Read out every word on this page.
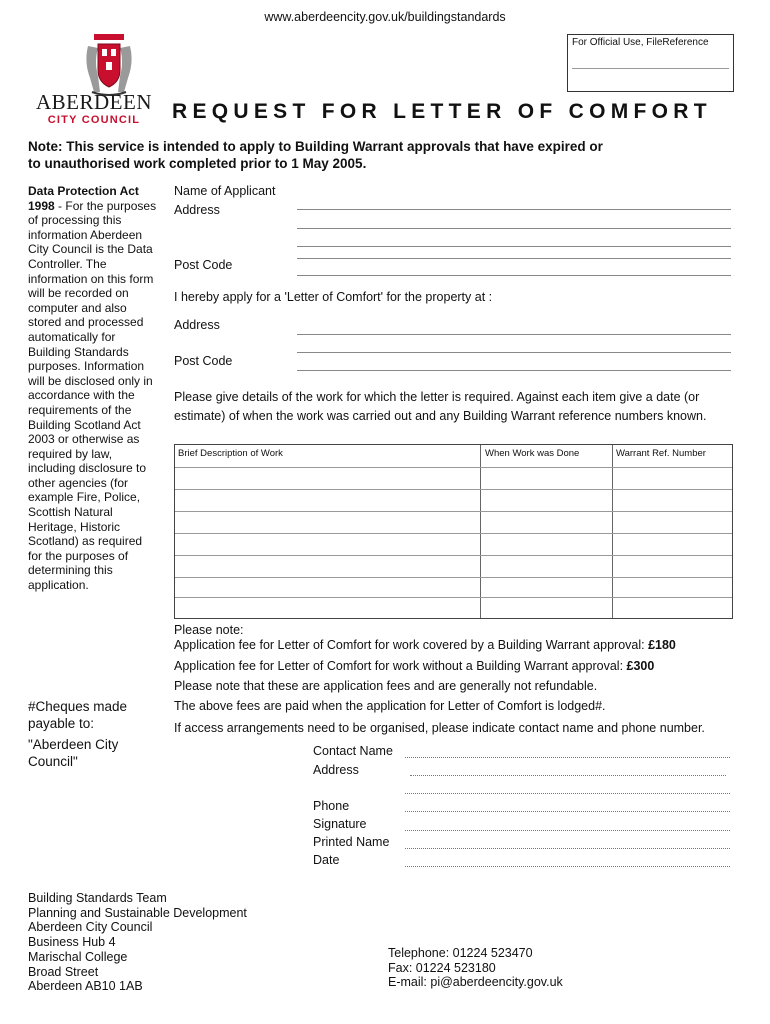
www.aberdeencity.gov.uk/buildingstandards
For Official Use, FileReference
ABERDEEN
CITY COUNCIL	REQUEST FOR LETTER OF COMFORT
Note: This service is intended to apply to Building Warrant approvals that have expired or
to unauthorised work completed prior to 1 May 2005.
Data Protection Act 1998 - For the purposes of processing this information Aberdeen City Council is the Data Controller. The information on this form will be recorded on computer and also stored and processed automatically for Building Standards purposes. Information will be disclosed only in accordance with the requirements of the Building Scotland Act 2003 or otherwise as required by law, including disclosure to other agencies (for example Fire, Police, Scottish Natural Heritage, Historic Scotland) as required for the purposes of determining this application.
Name of Applicant
Address
Post Code
I hereby apply for a 'Letter of Comfort' for the property at :
Address
Post Code
Please give details of the work for which the letter is required. Against each item give a date (or estimate) of when the work was carried out and any Building Warrant reference numbers known.
Brief Description of Work	When Work was Done	Warrant Ref. Number
Please note:
Application fee for Letter of Comfort for work covered by a Building Warrant approval: £180
Application fee for Letter of Comfort for work without a Building Warrant approval: £300
Please note that these are application fees and are generally not refundable.
The above fees are paid when the application for Letter of Comfort is lodged#.
If access arrangements need to be organised, please indicate contact name and phone number.
#Cheques made payable to:
"Aberdeen City Council"
Contact Name
Address
Phone
Signature
Printed Name
Date
Building Standards Team
Planning and Sustainable Development
Aberdeen City Council
Business Hub 4
Marischal College
Broad Street
Aberdeen AB10 1AB
Telephone: 01224 523470
Fax: 01224 523180
E-mail: pi@aberdeencity.gov.uk
